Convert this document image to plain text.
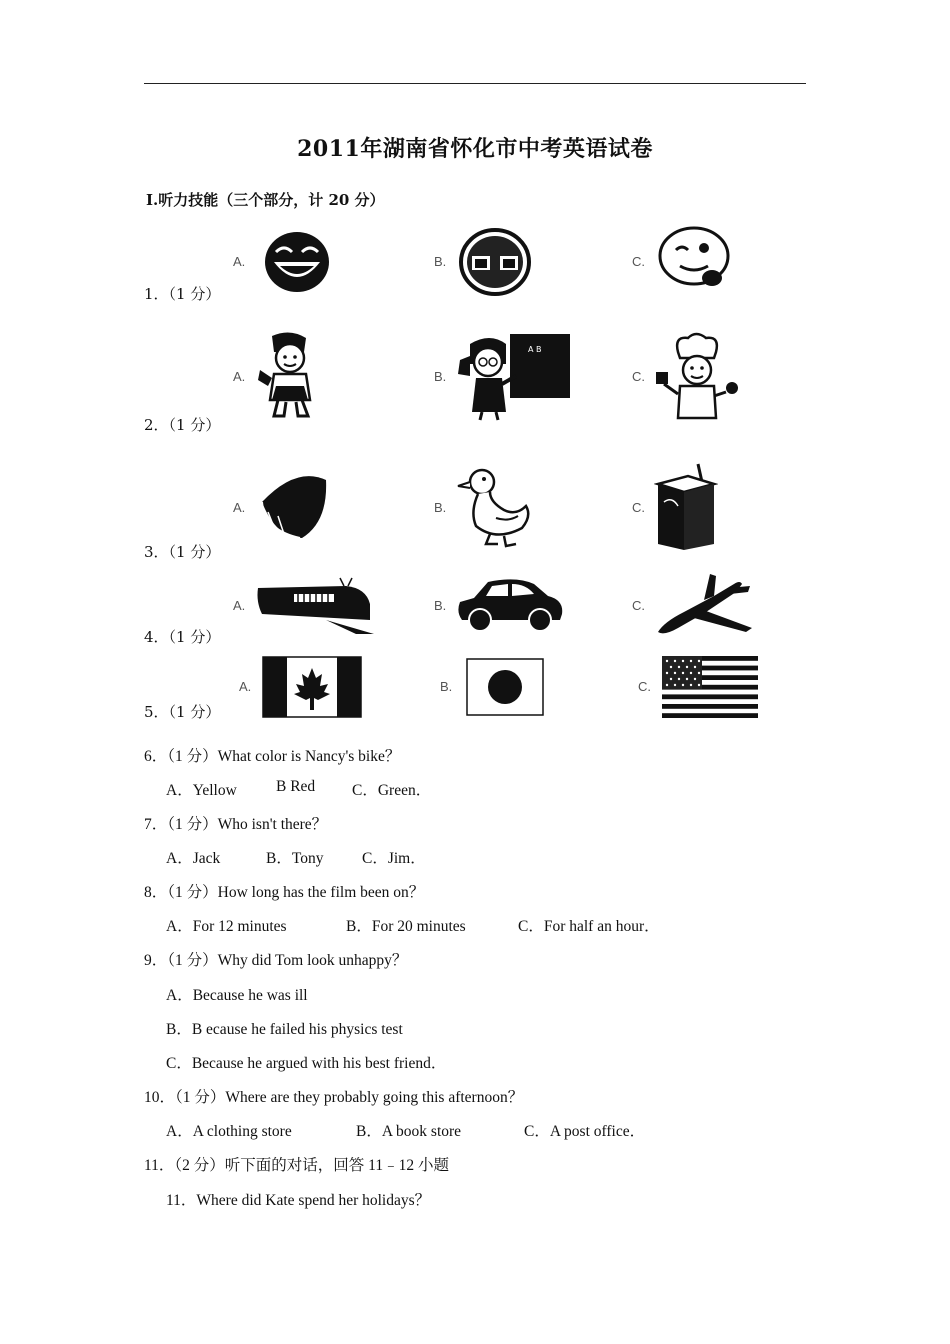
2011年湖南省怀化市中考英语试卷
Ⅰ.听力技能（三个部分，计 20 分）
1．（1 分）
A.	B.	C.
2．（1 分）
A.	B.
A B
C.
3．（1 分）
A.	B.	C.
4．（1 分）
A.	B.	C.
5．（1 分）
A.	B.	C.
6．（1 分）What color is Nancy's bike？
A．Yellow	B Red C．Green．
7．（1 分）Who isn't there？
A．Jack	B．Tony C．Jim．
8．（1 分）How long has the film been on？
A．For 12 minutes	B．For 20 minutes	C．For half an hour．
9．（1 分）Why did Tom look unhappy？
A．Because he was ill
B．B ecause he failed his physics test
C．Because he argued with his best friend．
10．（1 分）Where are they probably going this afternoon？
A．A clothing store	B．A book store	C．A post office．
11．（2 分）听下面的对话，回答 11﹣12 小题
11．Where did Kate spend her holidays？
